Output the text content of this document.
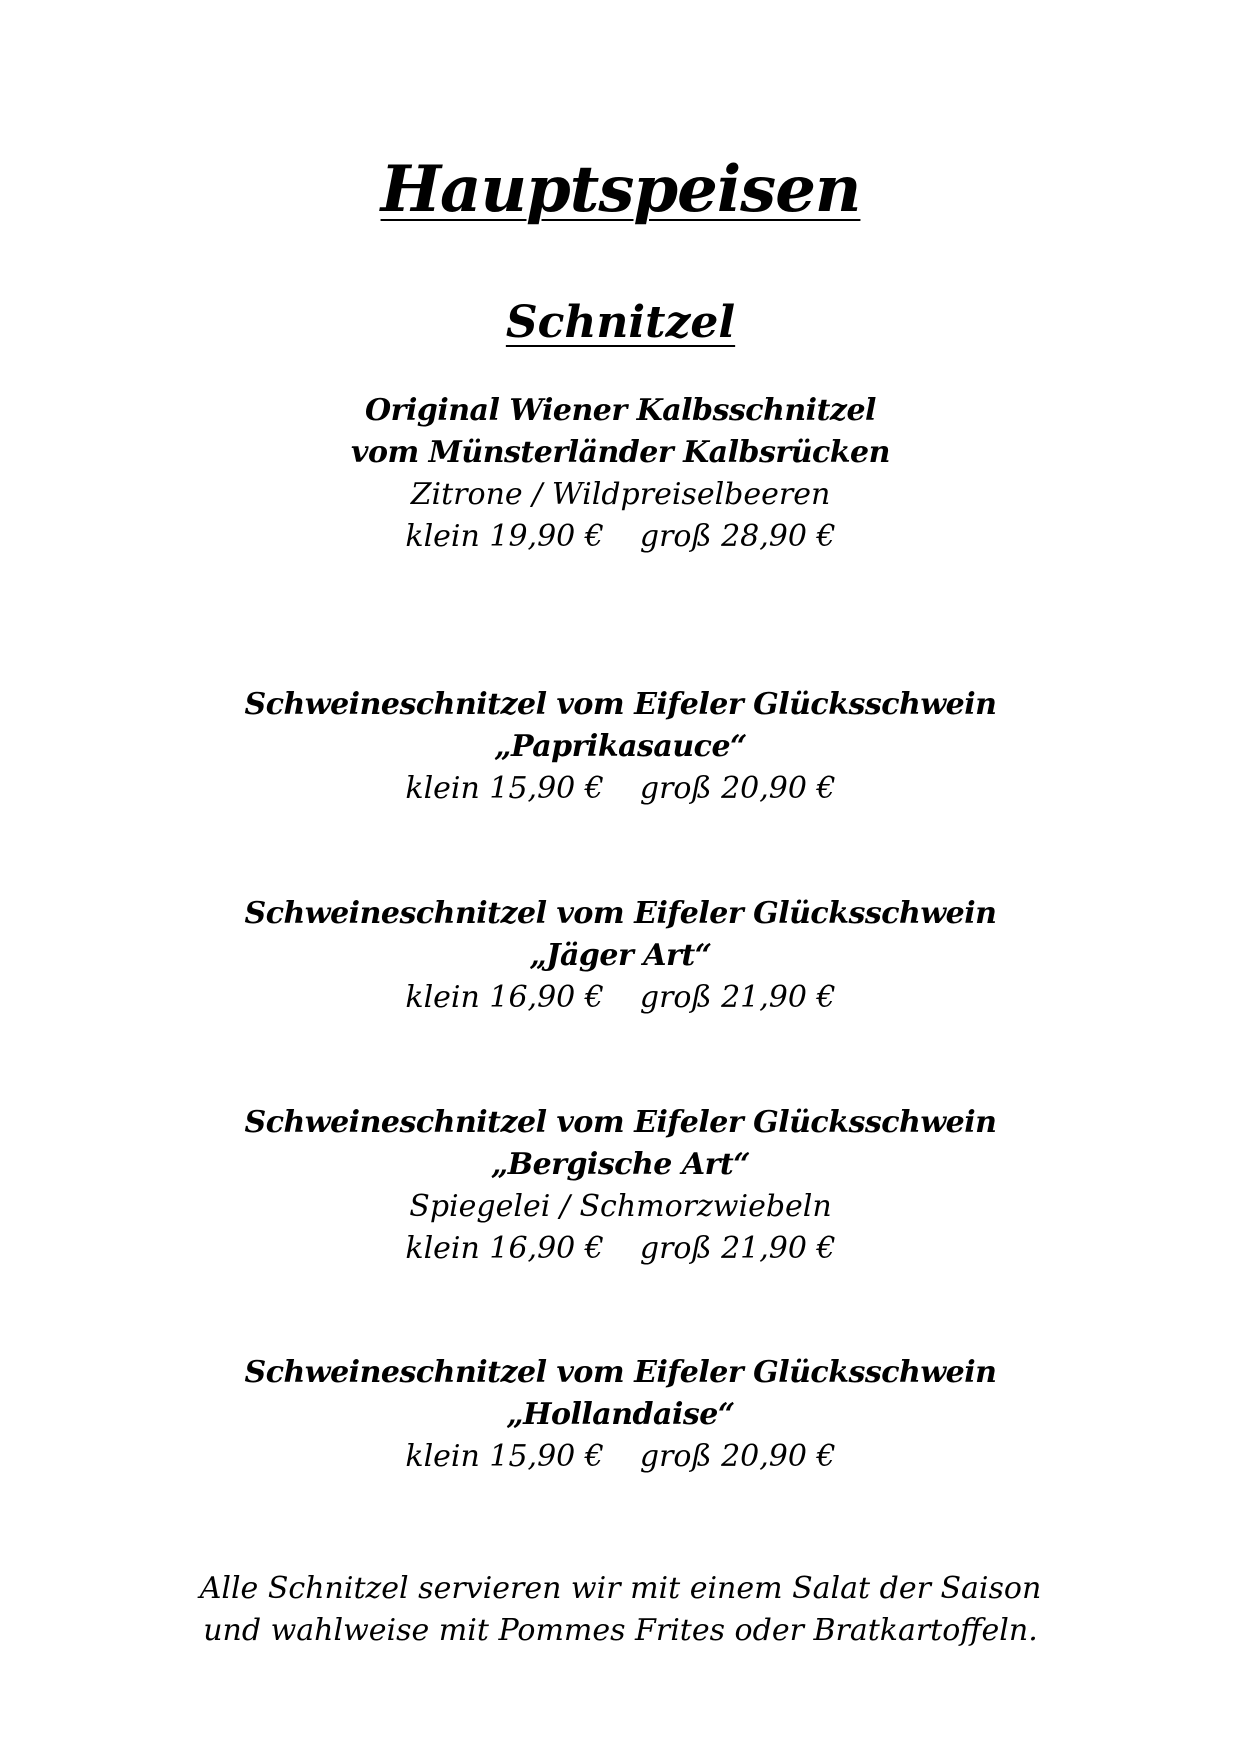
Hauptspeisen
Schnitzel
Original Wiener Kalbsschnitzel
vom Münsterländer Kalbsrücken
Zitrone / Wildpreiselbeeren
klein 19,90 € groß 28,90 €
Schweineschnitzel vom Eifeler Glücksschwein
„Paprikasauce“
klein 15,90 € groß 20,90 €
Schweineschnitzel vom Eifeler Glücksschwein
„Jäger Art“
klein 16,90 € groß 21,90 €
Schweineschnitzel vom Eifeler Glücksschwein
„Bergische Art“
Spiegelei / Schmorzwiebeln
klein 16,90 € groß 21,90 €
Schweineschnitzel vom Eifeler Glücksschwein
„Hollandaise“
klein 15,90 € groß 20,90 €
Alle Schnitzel servieren wir mit einem Salat der Saison
und wahlweise mit Pommes Frites oder Bratkartoffeln.
